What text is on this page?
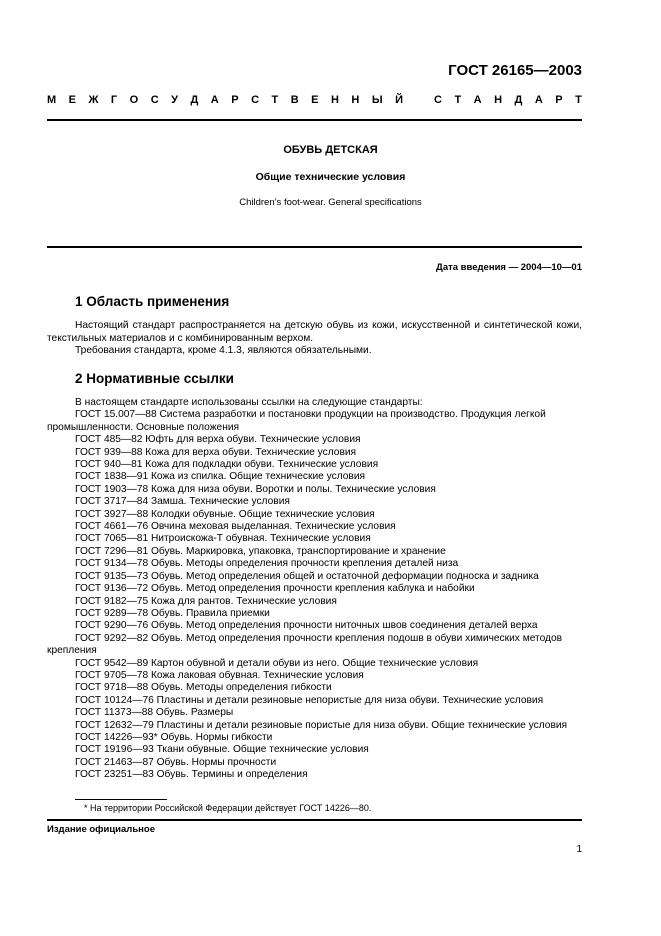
ГОСТ 26165—2003
М Е Ж Г О С У Д А Р С Т В Е Н Н Ы Й	С Т А Н Д А Р Т
ОБУВЬ ДЕТСКАЯ
Общие технические условия
Children’s foot-wear. General specifications
Дата введения — 2004—10—01
1 Область применения
Настоящий стандарт распространяется на детскую обувь из кожи, искусственной и синтетической кожи, текстильных материалов и с комбинированным верхом.
Требования стандарта, кроме 4.1.3, являются обязательными.
2 Нормативные ссылки
В настоящем стандарте использованы ссылки на следующие стандарты:
ГОСТ 15.007—88 Система разработки и постановки продукции на производство. Продукция легкой промышленности. Основные положения
ГОСТ 485—82 Юфть для верха обуви. Технические условия
ГОСТ 939—88 Кожа для верха обуви. Технические условия
ГОСТ 940—81 Кожа для подкладки обуви. Технические условия
ГОСТ 1838—91 Кожа из спилка. Общие технические условия
ГОСТ 1903—78 Кожа для низа обуви. Воротки и полы. Технические условия
ГОСТ 3717—84 Замша. Технические условия
ГОСТ 3927—88 Колодки обувные. Общие технические условия
ГОСТ 4661—76 Овчина меховая выделанная. Технические условия
ГОСТ 7065—81 Нитроискожа-Т обувная. Технические условия
ГОСТ 7296—81 Обувь. Маркировка, упаковка, транспортирование и хранение
ГОСТ 9134—78 Обувь. Методы определения прочности крепления деталей низа
ГОСТ 9135—73 Обувь. Метод определения общей и остаточной деформации подноска и задника
ГОСТ 9136—72 Обувь. Метод определения прочности крепления каблука и набойки
ГОСТ 9182—75 Кожа для рантов. Технические условия
ГОСТ 9289—78 Обувь. Правила приемки
ГОСТ 9290—76 Обувь. Метод определения прочности ниточных швов соединения деталей верха
ГОСТ 9292—82 Обувь. Метод определения прочности крепления подошв в обуви химических методов крепления
ГОСТ 9542—89 Картон обувной и детали обуви из него. Общие технические условия
ГОСТ 9705—78 Кожа лаковая обувная. Технические условия
ГОСТ 9718—88 Обувь. Методы определения гибкости
ГОСТ 10124—76 Пластины и детали резиновые непористые для низа обуви. Технические условия
ГОСТ 11373—88 Обувь. Размеры
ГОСТ 12632—79 Пластины и детали резиновые пористые для низа обуви. Общие технические условия
ГОСТ 14226—93* Обувь. Нормы гибкости
ГОСТ 19196—93 Ткани обувные. Общие технические условия
ГОСТ 21463—87 Обувь. Нормы прочности
ГОСТ 23251—83 Обувь. Термины и определения
* На территории Российской Федерации действует ГОСТ 14226—80.
Издание официальное
1
